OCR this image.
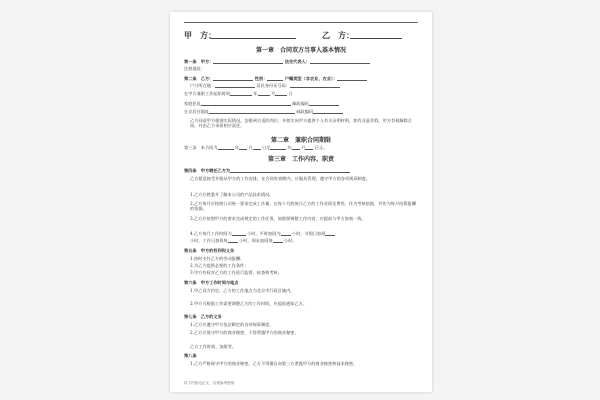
甲　方：	乙　方：
第一章　合同双方当事人基本情况
第一条　甲方：	法定代表人：
注册地址：
第二条　乙方：	性别：	户籍类型（非农业、农业）：
户口所在地：	居民身份证号码：
在甲方兼职工作起始时间	年	月	日
家庭住址	邮政编码
在京居住地址	邮政编码
乙方同意甲方根据实际情况，安排到合适的岗位，并如实向甲方提供个人有关证明材料，如有弄虚作假，甲方有权解除合同，并由乙方承担相应责任。
第二章　兼职合同期限
第三条　本合同为	年 月 日至	年 月 日止。
第三章　工作内容、职责
第四条　甲方聘任乙方为
乙方愿意接受并服从甲方的工作安排，在合同有效期内，应服从管理，遵守甲方的各项规章制度。
1.乙方应熟悉并了解本公司的产品技术情况。
2.乙方每月应按照公司统一要求完成工作量，在每个月底统计乙方的工作业绩及费用，作为考核依据，并作为每月结算报酬的依据。
3.乙方应按照甲方的要求完成规定的工作任务，如需要调整工作内容，应提前与甲方协商一致。
4.乙方每月工作时间为	小时，平时加班为	小时，节假日加班
小时，工作日加班每	小时，周末加班每	小时。
第五条　甲方的权利和义务
1.按时支付乙方的劳动报酬；
2.为乙方提供必要的工作条件；
3.甲方有权对乙方的工作进行监督、检查和考核。
第六条　甲方工作时间与地点
1.甲乙双方约定，乙方的工作地点为北京市行政区域内。
2.甲方可根据工作需要调整乙方的工作时间，应提前通知乙方。
第七条　乙方的义务
1.乙方应遵守甲方依法制定的各项规章制度。
2.乙方应保守甲方的商业秘密，不得泄露甲方的商业秘密。
乙方工作时间、加班等。
第八条
1.乙方严格保守甲方的商业秘密，乙方不得擅自向第三方泄露甲方的商业秘密和技术秘密。
以下内容无正文，仅供参考使用
